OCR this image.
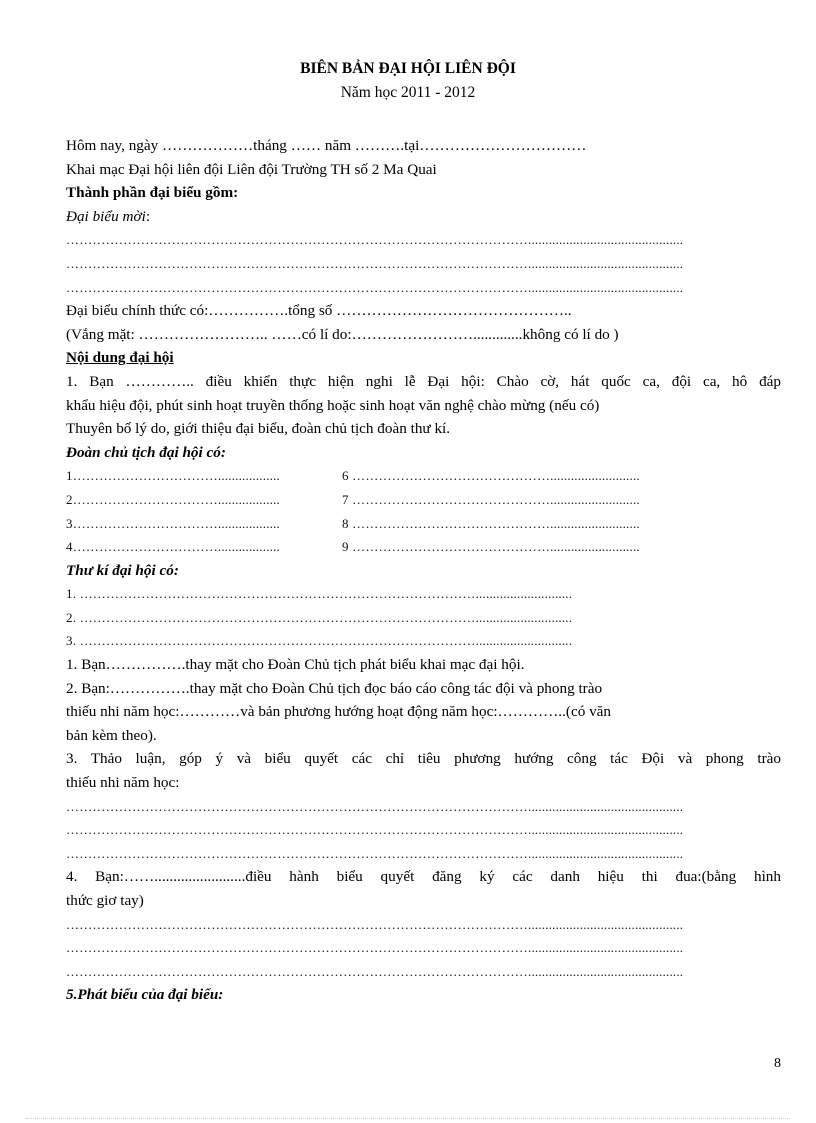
BIÊN BẢN ĐẠI HỘI LIÊN ĐỘI
Năm học 2011 - 2012
Hôm nay, ngày ………………tháng …… năm ……….tại……………………………
Khai mạc Đại hội liên đội Liên đội Trường TH số 2 Ma Quai
Thành phần đại biểu gồm:
Đại biểu mời:
…………………………………………………………………………………………….............................................
…………………………………………………………………………………………….............................................
…………………………………………………………………………………………….............................................
Đại biểu chính thức có:…………….tổng số ………………………………………..
(Vắng mặt: …………………….. ……có lí do:…………………….............không có lí do )
Nội dung đại hội
1. Bạn ………….. điều khiển thực hiện nghi lễ Đại hội: Chào cờ, hát quốc ca, đội ca, hô đáp
khẩu hiệu đội, phút sinh hoạt truyền thống hoặc sinh hoạt văn nghệ chào mừng (nếu có)
Thuyên bố lý do, giới thiệu đại biểu, đoàn chủ tịch đoàn thư kí.
Đoàn chủ tịch đại hội có:
1……………………………..................	6 ………………………………………..........................
2……………………………..................	7 ………………………………………..........................
3……………………………..................	8 ………………………………………..........................
4……………………………..................	9 ………………………………………..........................
Thư kí đại hội có:
1. ………………………………………………………………………………............................
2. ………………………………………………………………………………............................
3. ………………………………………………………………………………............................
1. Bạn…………….thay mặt cho Đoàn Chủ tịch phát biểu khai mạc đại hội.
2. Bạn:…………….thay mặt cho Đoàn Chủ tịch đọc báo cáo công tác đội và phong trào
thiếu nhi năm học:…………và bản phương hướng hoạt động năm học:…………..(có văn
bản kèm theo).
3. Thảo luận, góp ý và biểu quyết các chỉ tiêu phương hướng công tác Đội và phong trào
thiếu nhi năm học:
…………………………………………………………………………………………….............................................
…………………………………………………………………………………………….............................................
…………………………………………………………………………………………….............................................
4. Bạn:……........................điều hành biểu quyết đăng ký các danh hiệu thi đua:(bằng hình
thức giơ tay)
…………………………………………………………………………………………….............................................
…………………………………………………………………………………………….............................................
…………………………………………………………………………………………….............................................
5.Phát biểu của đại biểu:
8
